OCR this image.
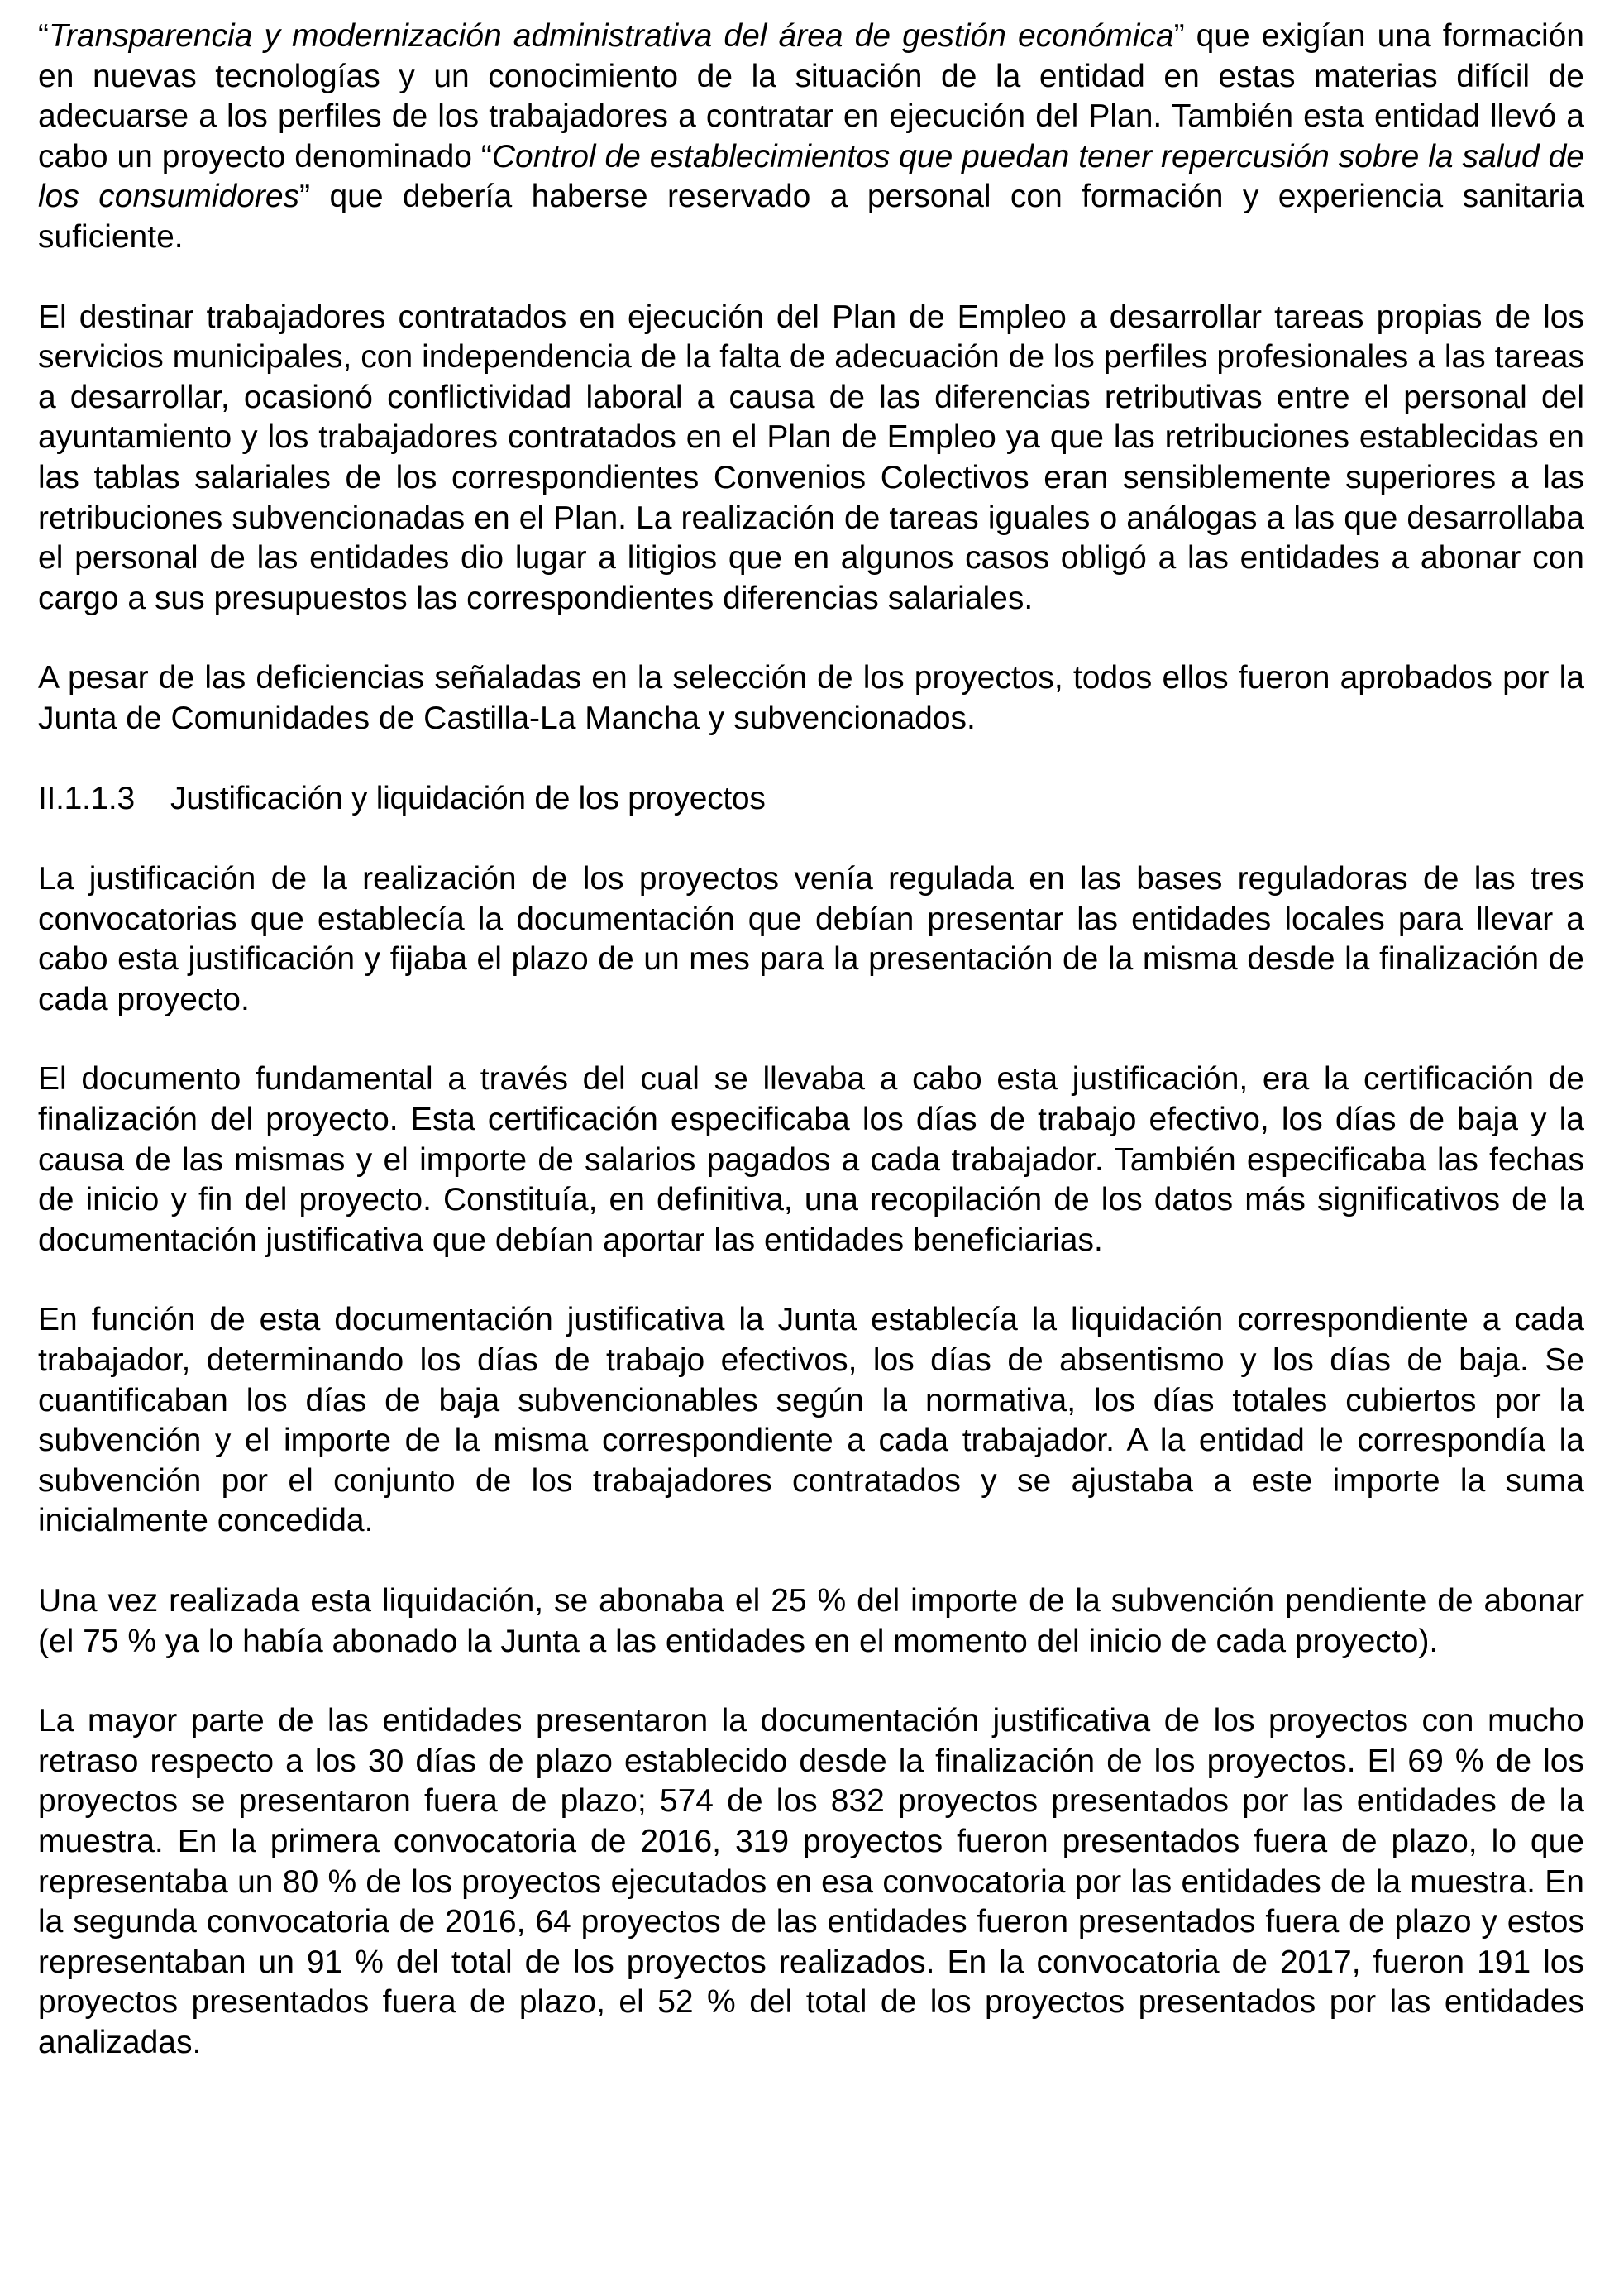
“Transparencia y modernización administrativa del área de gestión económica” que exigían una formación en nuevas tecnologías y un conocimiento de la situación de la entidad en estas materias difícil de adecuarse a los perfiles de los trabajadores a contratar en ejecución del Plan. También esta entidad llevó a cabo un proyecto denominado “Control de establecimientos que puedan tener repercusión sobre la salud de los consumidores” que debería haberse reservado a personal con formación y experiencia sanitaria suficiente.

El destinar trabajadores contratados en ejecución del Plan de Empleo a desarrollar tareas propias de los servicios municipales, con independencia de la falta de adecuación de los perfiles profesionales a las tareas a desarrollar, ocasionó conflictividad laboral a causa de las diferencias retributivas entre el personal del ayuntamiento y los trabajadores contratados en el Plan de Empleo ya que las retribuciones establecidas en las tablas salariales de los correspondientes Convenios Colectivos eran sensiblemente superiores a las retribuciones subvencionadas en el Plan. La realización de tareas iguales o análogas a las que desarrollaba el personal de las entidades dio lugar a litigios que en algunos casos obligó a las entidades a abonar con cargo a sus presupuestos las correspondientes diferencias salariales.

A pesar de las deficiencias señaladas en la selección de los proyectos, todos ellos fueron aprobados por la Junta de Comunidades de Castilla-La Mancha y subvencionados.

II.1.1.3 Justificación y liquidación de los proyectos

La justificación de la realización de los proyectos venía regulada en las bases reguladoras de las tres convocatorias que establecía la documentación que debían presentar las entidades locales para llevar a cabo esta justificación y fijaba el plazo de un mes para la presentación de la misma desde la finalización de cada proyecto.

El documento fundamental a través del cual se llevaba a cabo esta justificación, era la certificación de finalización del proyecto. Esta certificación especificaba los días de trabajo efectivo, los días de baja y la causa de las mismas y el importe de salarios pagados a cada trabajador. También especificaba las fechas de inicio y fin del proyecto. Constituía, en definitiva, una recopilación de los datos más significativos de la documentación justificativa que debían aportar las entidades beneficiarias.

En función de esta documentación justificativa la Junta establecía la liquidación correspondiente a cada trabajador, determinando los días de trabajo efectivos, los días de absentismo y los días de baja. Se cuantificaban los días de baja subvencionables según la normativa, los días totales cubiertos por la subvención y el importe de la misma correspondiente a cada trabajador. A la entidad le correspondía la subvención por el conjunto de los trabajadores contratados y se ajustaba a este importe la suma inicialmente concedida.

Una vez realizada esta liquidación, se abonaba el 25 % del importe de la subvención pendiente de abonar (el 75 % ya lo había abonado la Junta a las entidades en el momento del inicio de cada proyecto).

La mayor parte de las entidades presentaron la documentación justificativa de los proyectos con mucho retraso respecto a los 30 días de plazo establecido desde la finalización de los proyectos. El 69 % de los proyectos se presentaron fuera de plazo; 574 de los 832 proyectos presentados por las entidades de la muestra. En la primera convocatoria de 2016, 319 proyectos fueron presentados fuera de plazo, lo que representaba un 80 % de los proyectos ejecutados en esa convocatoria por las entidades de la muestra. En la segunda convocatoria de 2016, 64 proyectos de las entidades fueron presentados fuera de plazo y estos representaban un 91 % del total de los proyectos realizados. En la convocatoria de 2017, fueron 191 los proyectos presentados fuera de plazo, el 52 % del total de los proyectos presentados por las entidades analizadas.
